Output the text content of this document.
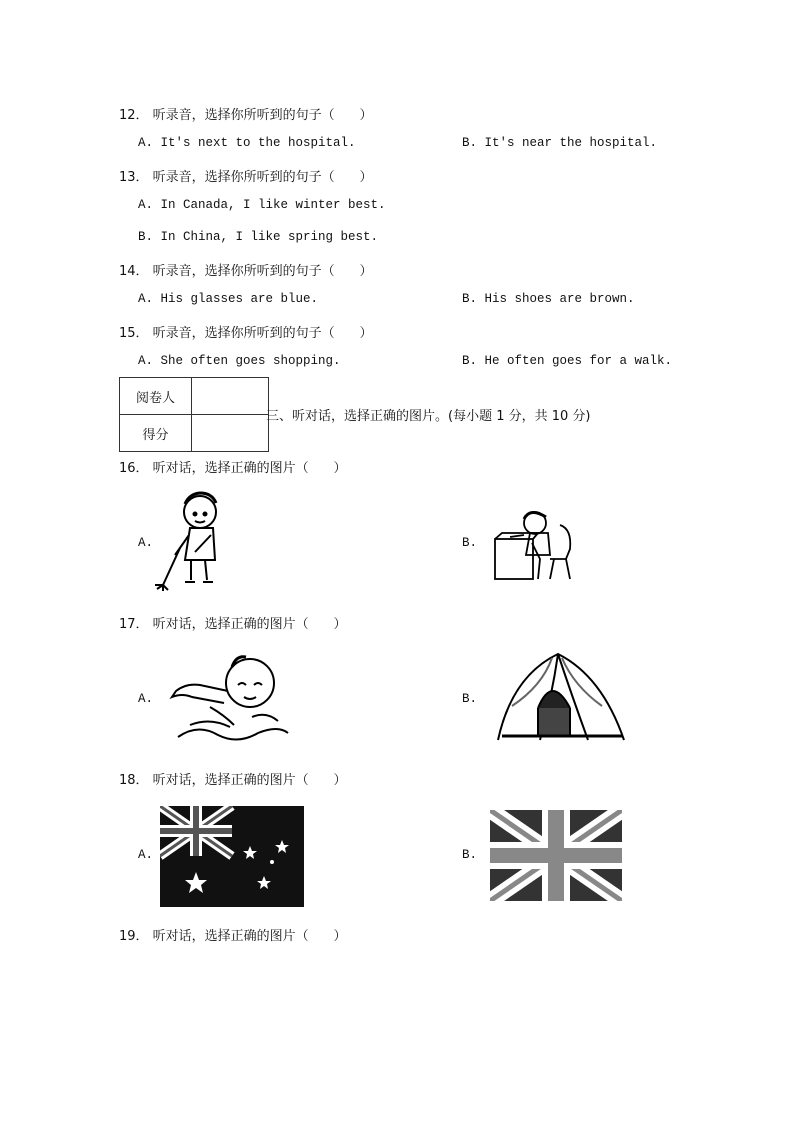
12． 听录音，选择你所听到的句子（      ）
A. It's next to the hospital.	B. It's near the hospital.
13． 听录音，选择你所听到的句子（      ）
A. In Canada, I like winter best.
B. In China, I like spring best.
14． 听录音，选择你所听到的句子（      ）
A. His glasses are blue.	B. His shoes are brown.
15． 听录音，选择你所听到的句子（      ）
A. She often goes shopping.	B. He often goes for a walk.
阅卷人	
得分	
三、听对话，选择正确的图片。(每小题 1 分，共 10 分)
16． 听对话，选择正确的图片（      ）
A.	B.
17． 听对话，选择正确的图片（      ）
A.	B.
18． 听对话，选择正确的图片（      ）
A.	B.
19． 听对话，选择正确的图片（      ）
